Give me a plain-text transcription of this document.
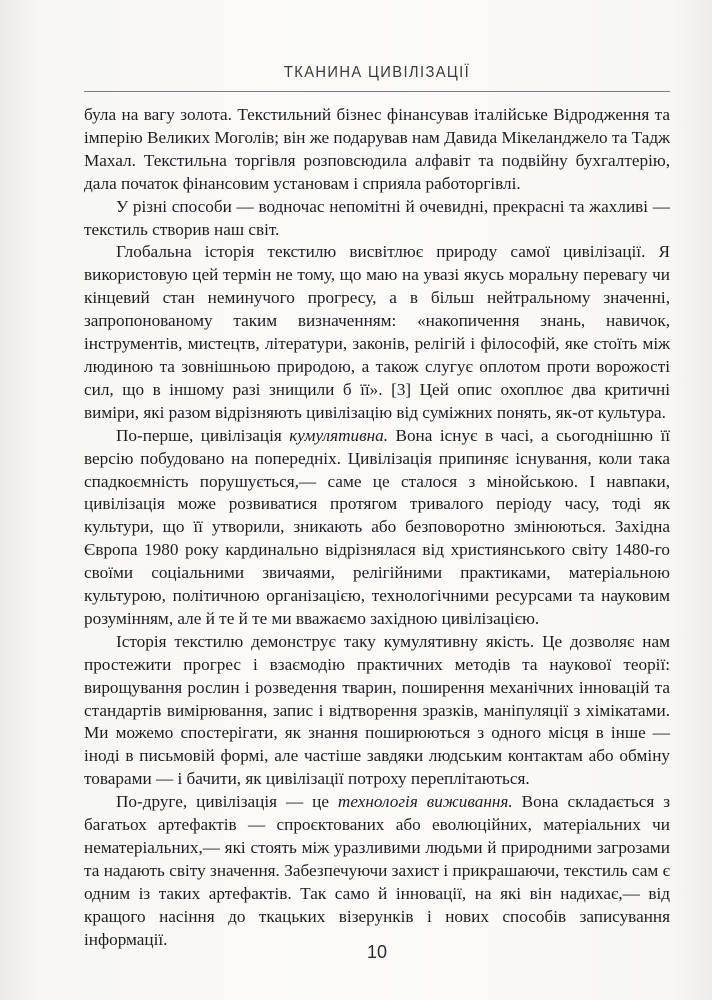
ТКАНИНА ЦИВІЛІЗАЦІЇ

була на вагу золота. Текстильний бізнес фінансував італійське Відродження та імперію Великих Моголів; він же подарував нам Давида Мікеланджело та Тадж Махал. Текстильна торгівля розповсюдила алфавіт та подвійну бухгалтерію, дала початок фінансовим установам і сприяла работоргівлі.

У різні способи — водночас непомітні й очевидні, прекрасні та жахливі — текстиль створив наш світ.

Глобальна історія текстилю висвітлює природу самої цивілізації. Я використовую цей термін не тому, що маю на увазі якусь моральну перевагу чи кінцевий стан неминучого прогресу, а в більш нейтральному значенні, запропонованому таким визначенням: «накопичення знань, навичок, інструментів, мистецтв, літератури, законів, релігій і філософій, яке стоїть між людиною та зовнішньою природою, а також слугує оплотом проти ворожості сил, що в іншому разі знищили б її». [3] Цей опис охоплює два критичні виміри, які разом відрізняють цивілізацію від суміжних понять, як-от культура.

По-перше, цивілізація кумулятивна. Вона існує в часі, а сьогоднішню її версію побудовано на попередніх. Цивілізація припиняє існування, коли така спадкоємність порушується,— саме це сталося з мінойською. І навпаки, цивілізація може розвиватися протягом тривалого періоду часу, тоді як культури, що її утворили, зникають або безповоротно змінюються. Західна Європа 1980 року кардинально відрізнялася від християнського світу 1480-го своїми соціальними звичаями, релігійними практиками, матеріальною культурою, політичною організацією, технологічними ресурсами та науковим розумінням, але й те й те ми вважаємо західною цивілізацією.

Історія текстилю демонструє таку кумулятивну якість. Це дозволяє нам простежити прогрес і взаємодію практичних методів та наукової теорії: вирощування рослин і розведення тварин, поширення механічних інновацій та стандартів вимірювання, запис і відтворення зразків, маніпуляції з хімікатами. Ми можемо спостерігати, як знання поширюються з одного місця в інше — іноді в письмовій формі, але частіше завдяки людським контактам або обміну товарами — і бачити, як цивілізації потроху переплітаються.

По-друге, цивілізація — це технологія виживання. Вона складається з багатьох артефактів — спроєктованих або еволюційних, матеріальних чи нематеріальних,— які стоять між уразливими людьми й природними загрозами та надають світу значення. Забезпечуючи захист і прикрашаючи, текстиль сам є одним із таких артефактів. Так само й інновації, на які він надихає,— від кращого насіння до ткацьких візерунків і нових способів записування інформації.

10
